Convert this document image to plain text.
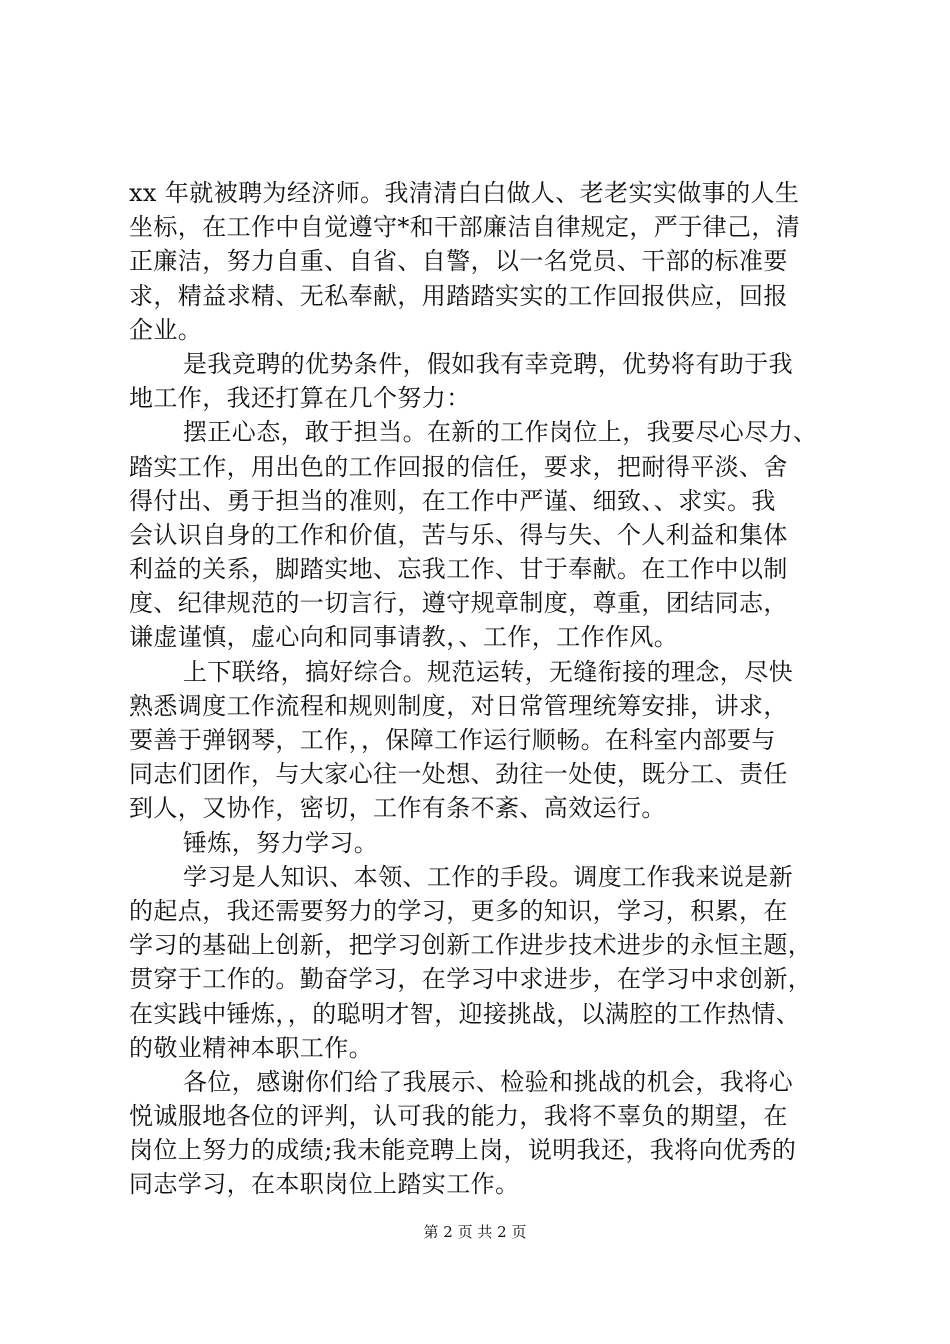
xx 年就被聘为经济师。我清清白白做人、老老实实做事的人生
坐标，在工作中自觉遵守*和干部廉洁自律规定，严于律己，清
正廉洁，努力自重、自省、自警，以一名党员、干部的标准要
求，精益求精、无私奉献，用踏踏实实的工作回报供应，回报
企业。
是我竞聘的优势条件，假如我有幸竞聘，优势将有助于我
地工作，我还打算在几个努力：
摆正心态，敢于担当。在新的工作岗位上，我要尽心尽力、
踏实工作，用出色的工作回报的信任，要求，把耐得平淡、舍
得付出、勇于担当的准则，在工作中严谨、细致、、求实。我
会认识自身的工作和价值，苦与乐、得与失、个人利益和集体
利益的关系，脚踏实地、忘我工作、甘于奉献。在工作中以制
度、纪律规范的一切言行，遵守规章制度，尊重，团结同志，
谦虚谨慎，虚心向和同事请教，、工作，工作作风。
上下联络，搞好综合。规范运转，无缝衔接的理念，尽快
熟悉调度工作流程和规则制度，对日常管理统筹安排，讲求，
要善于弹钢琴，工作，，保障工作运行顺畅。在科室内部要与
同志们团作，与大家心往一处想、劲往一处使，既分工、责任
到人，又协作，密切，工作有条不紊、高效运行。
锤炼，努力学习。
学习是人知识、本领、工作的手段。调度工作我来说是新
的起点，我还需要努力的学习，更多的知识，学习，积累，在
学习的基础上创新，把学习创新工作进步技术进步的永恒主题，
贯穿于工作的。勤奋学习，在学习中求进步，在学习中求创新，
在实践中锤炼，，的聪明才智，迎接挑战，以满腔的工作热情、
的敬业精神本职工作。
各位，感谢你们给了我展示、检验和挑战的机会，我将心
悦诚服地各位的评判，认可我的能力，我将不辜负的期望，在
岗位上努力的成绩;我未能竞聘上岗，说明我还，我将向优秀的
同志学习，在本职岗位上踏实工作。
第 2 页 共 2 页
